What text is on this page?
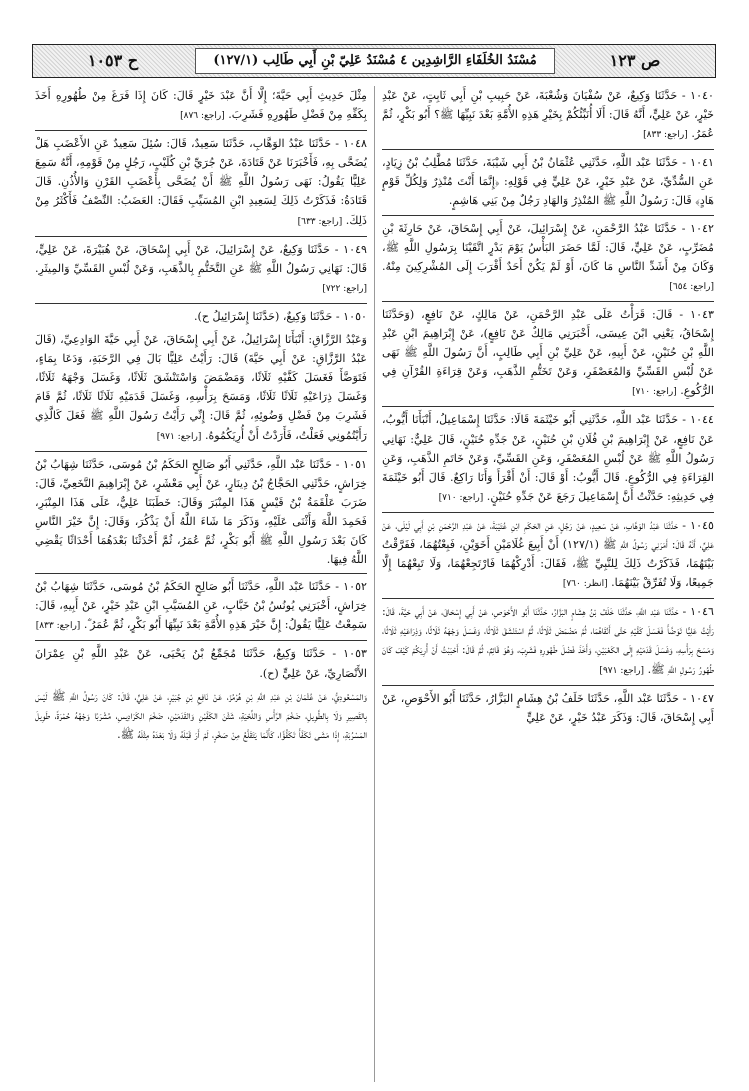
ص ١٢٣
مُسْنَدُ الخُلَفَاءِ الرَّاشِدِين ٤ مُسْنَدُ عَلِيّ بْنِ أَبِي طَالِب (١٢٧/١)
ح ١٠٥٣
١٠٤٠ - حَدَّثَنَا وَكِيعٌ، عَنْ سُفْيَانَ وَشُعْبَةَ، عَنْ حَبِيبِ بْنِ أَبِي ثَابِتٍ، عَنْ عَبْدِ خَيْرٍ، عَنْ عَلِيٍّ، أَنَّهُ قَالَ: أَلَا أُنَبِّئُكُمْ بِخَيْرِ هَذِهِ الأُمَّةِ بَعْدَ نَبِيِّهَا ﷺ؟ أَبُو بَكْرٍ، ثُمَّ عُمَرُ. [راجع: ٨٣٣]
١٠٤١ - حَدَّثَنَا عَبْد اللَّهِ، حَدَّثَنِي عُثْمَانُ بْنُ أَبِي شَيْبَةَ، حَدَّثَنَا مُطَّلِبُ بْنُ زِيَادٍ، عَنِ السُّدِّيِّ، عَنْ عَبْدِ خَيْرٍ، عَنْ عَلِيٍّ فِي قَوْلِهِ: ﴿إِنَّمَا أَنْتَ مُنْذِرٌ وَلِكُلِّ قَوْمٍ هَادٍ﴾ قَالَ: رَسُولُ اللَّهِ ﷺ المُنْذِرُ وَالهَادِ رَجُلٌ مِنْ بَنِي هَاشِمٍ.
١٠٤٢ - حَدَّثَنَا عَبْدُ الرَّحْمَنِ، عَنْ إِسْرَائِيلَ، عَنْ أَبِي إِسْحَاقَ، عَنْ حَارِثَةَ بْنِ مُضَرِّبٍ، عَنْ عَلِيٍّ، قَالَ: لَمَّا حَضَرَ البَأْسُ يَوْمَ بَدْرٍ اتَّقَيْنَا بِرَسُولِ اللَّهِ ﷺ، وَكَانَ مِنْ أَشَدِّ النَّاسِ مَا كَانَ، أَوْ لَمْ يَكُنْ أَحَدٌ أَقْرَبَ إِلَى المُشْرِكِينَ مِنْهُ. [راجع: ٦٥٤]
١٠٤٣ - قَالَ: قَرَأْتُ عَلَى عَبْدِ الرَّحْمَنِ، عَنْ مَالِكٍ، عَنْ نَافِعٍ، (وَحَدَّثَنَا إِسْحَاقُ، يَعْنِي ابْنَ عِيسَى، أَخْبَرَنِي مَالِكٌ عَنْ نَافِعٍ)، عَنْ إِبْرَاهِيمَ ابْنِ عَبْدِ اللَّهِ بْنِ حُنَيْنٍ، عَنْ أَبِيهِ، عَنْ عَلِيِّ بْنِ أَبِي طَالِبٍ، أَنَّ رَسُولَ اللَّهِ ﷺ نَهَى عَنْ لُبْسِ القَسِّيِّ وَالمُعَصْفَرِ، وَعَنْ تَخَتُّمِ الذَّهَبِ، وَعَنْ قِرَاءَةِ القُرْآنِ فِي الرُّكُوعِ. [راجع: ٧١٠]
١٠٤٤ - حَدَّثَنَا عَبْد اللَّهِ، حَدَّثَنِي أَبُو خَيْثَمَةَ قَالَا: حَدَّثَنَا إِسْمَاعِيلُ، أَنْبَأَنَا أَيُّوبُ، عَنْ نَافِعٍ، عَنْ إِبْرَاهِيمَ بْنِ فُلَانِ بْنِ حُنَيْنٍ، عَنْ جَدِّهِ حُنَيْنٍ، قَالَ عَلِيٌّ: نَهَانِي رَسُولُ اللَّهِ ﷺ عَنْ لُبْسِ المُعَصْفَرِ، وَعَنِ القَسِّيِّ، وَعَنْ خَاتَمِ الذَّهَبِ، وَعَنِ القِرَاءَةِ فِي الرُّكُوعِ. قَالَ أَيُّوبُ: أَوْ قَالَ: أَنْ أَقْرَأَ وَأَنَا رَاكِعٌ. قَالَ أَبُو خَيْثَمَةَ فِي حَدِيثِهِ: حَدَّثْتُ أَنَّ إِسْمَاعِيلَ رَجَعَ عَنْ جَدِّهِ حُنَيْنٍ. [راجع: ٧١٠]
١٠٤٥ - حَدَّثَنَا عَبْدُ الوَهَّابِ، عَنْ سَعِيدٍ، عَنْ رَجُلٍ، عَنِ الحَكَمِ ابْنِ عُتَيْبَةَ، عَنْ عَبْدِ الرَّحْمَنِ بْنِ أَبِي لَيْلَى، عَنْ عَلِيٍّ، أَنَّهُ قَالَ: أَمَرَنِي رَسُولُ اللَّهِ ﷺ (١٢٧/١) أَنْ أَبِيعَ غُلَامَيْنِ أَخَوَيْنِ، فَبِعْتُهُمَا، فَفَرَّقْتُ بَيْنَهُمَا، فَذَكَرْتُ ذَلِكَ لِلنَّبِيِّ ﷺ، فَقَالَ: أَدْرِكْهُمَا فَارْتَجِعْهُمَا، وَلَا تَبِعْهُمَا إِلَّا جَمِيعًا، وَلَا تُفَرِّقْ بَيْنَهُمَا. [انظر: ٧٦٠]
١٠٤٦ - حَدَّثَنَا عَبْد اللَّهِ، حَدَّثَنَا خَلَفُ بْنُ هِشَامٍ البَزَّارُ، حَدَّثَنَا أَبُو الأَحْوَصِ، عَنْ أَبِي إِسْحَاقَ، عَنْ أَبِي حَيَّةَ، قَالَ: رَأَيْتُ عَلِيًّا تَوَضَّأَ فَغَسَلَ كَفَّيْهِ حَتَّى أَنْقَاهُمَا، ثُمَّ مَضْمَضَ ثَلَاثًا، ثُمَّ اسْتَنْشَقَ ثَلَاثًا، وَغَسَلَ وَجْهَهُ ثَلَاثًا، وَذِرَاعَيْهِ ثَلَاثًا، وَمَسَحَ بِرَأْسِهِ، وَغَسَلَ قَدَمَيْهِ إِلَى الكَعْبَيْنِ، وَأَخَذَ فَضْلَ طَهُورِهِ فَشَرِبَ، وَهُوَ قَائِمٌ، ثُمَّ قَالَ: أَحْبَبْتُ أَنْ أُرِيَكُمْ كَيْفَ كَانَ طُهُورُ رَسُولِ اللَّهِ ﷺ. [راجع: ٩٧١]
١٠٤٧ - حَدَّثَنَا عَبْد اللَّهِ، حَدَّثَنَا خَلَفُ بْنُ هِشَامٍ البَزَّارُ، حَدَّثَنَا أَبُو الأَحْوَصِ، عَنْ أَبِي إِسْحَاقَ، قَالَ: وَذَكَرَ عَبْدُ خَيْرٍ، عَنْ عَلِيٍّ
مِثْلَ حَدِيثِ أَبِي حَيَّةَ؛ إِلَّا أَنَّ عَبْدَ خَيْرٍ قَالَ: كَانَ إِذَا فَرَغَ مِنْ طُهُورِهِ أَخَذَ بِكَفِّهِ مِنْ فَضْلِ طَهُورِهِ فَشَرِبَ. [راجع: ٨٧٦]
١٠٤٨ - حَدَّثَنَا عَبْدُ الوَهَّابِ، حَدَّثَنَا سَعِيدٌ، قَالَ: سُئِلَ سَعِيدٌ عَنِ الأَعْضَبِ هَلْ يُضَحَّى بِهِ، فَأَخْبَرَنَا عَنْ قَتَادَةَ، عَنْ جُرَيِّ بْنِ كُلَيْبٍ، رَجُلٍ مِنْ قَوْمِهِ، أَنَّهُ سَمِعَ عَلِيًّا يَقُولُ: نَهَى رَسُولُ اللَّهِ ﷺ أَنْ يُضَحَّى بِأَعْضَبِ القَرْنِ وَالأُذُنِ. قَالَ قَتَادَةُ: فَذَكَرْتُ ذَلِكَ لِسَعِيدِ ابْنِ المُسَيِّبِ فَقَالَ: العَضَبُ: النِّصْفُ فَأَكْثَرُ مِنْ ذَلِكَ. [راجع: ٦٣٣]
١٠٤٩ - حَدَّثَنَا وَكِيعٌ، عَنْ إِسْرَائِيلَ، عَنْ أَبِي إِسْحَاقَ، عَنْ هُبَيْرَةَ، عَنْ عَلِيٍّ، قَالَ: نَهَانِي رَسُولُ اللَّهِ ﷺ عَنِ التَّخَتُّمِ بِالذَّهَبِ، وَعَنْ لُبْسِ القَسِّيِّ وَالمِيثَرِ. [راجع: ٧٢٢]
١٠٥٠ - حَدَّثَنَا وَكِيعٌ، (حَدَّثَنَا إِسْرَائِيلُ ح).
وَعَبْدُ الرَّزَّاقِ: أَنْبَأَنَا إِسْرَائِيلُ، عَنْ أَبِي إِسْحَاقَ، عَنْ أَبِي حَيَّةَ الوَادِعِيِّ، (قَالَ عَبْدُ الرَّزَّاقِ: عَنْ أَبِي حَيَّةَ) قَالَ: رَأَيْتُ عَلِيًّا بَالَ فِي الرَّحَبَةِ، وَدَعَا بِمَاءٍ، فَتَوَضَّأَ فَغَسَلَ كَفَّيْهِ ثَلَاثًا، وَمَضْمَضَ وَاسْتَنْشَقَ ثَلَاثًا، وَغَسَلَ وَجْهَهُ ثَلَاثًا، وَغَسَلَ ذِرَاعَيْهِ ثَلَاثًا ثَلَاثًا، وَمَسَحَ بِرَأْسِهِ، وَغَسَلَ قَدَمَيْهِ ثَلَاثًا ثَلَاثًا، ثُمَّ قَامَ فَشَرِبَ مِنْ فَضْلِ وَضُوئِهِ، ثُمَّ قَالَ: إِنِّي رَأَيْتُ رَسُولَ اللَّهِ ﷺ فَعَلَ كَالَّذِي رَأَيْتُمُونِي فَعَلْتُ، فَأَرَدْتُ أَنْ أُرِيَكُمُوهُ. [راجع: ٩٧١]
١٠٥١ - حَدَّثَنَا عَبْد اللَّهِ، حَدَّثَنِي أَبُو صَالِحٍ الحَكَمُ بْنُ مُوسَى، حَدَّثَنَا شِهَابُ بْنُ خِرَاشٍ، حَدَّثَنِي الحَجَّاجُ بْنُ دِينَارٍ، عَنْ أَبِي مَعْشَرٍ، عَنْ إِبْرَاهِيمَ النَّخَعِيِّ، قَالَ: ضَرَبَ عَلْقَمَةُ بْنُ قَيْسٍ هَذَا المِنْبَرَ وَقَالَ: خَطَبَنَا عَلِيٌّ، عَلَى هَذَا المِنْبَرِ، فَحَمِدَ اللَّهَ وَأَثْنَى عَلَيْهِ، وَذَكَرَ مَا شَاءَ اللَّهُ أَنْ يَذْكُرَ، وَقَالَ: إِنَّ خَيْرَ النَّاسِ كَانَ بَعْدَ رَسُولِ اللَّهِ ﷺ أَبُو بَكْرٍ، ثُمَّ عُمَرُ، ثُمَّ أَحْدَثْنَا بَعْدَهُمَا أَحْدَاثًا يَقْضِي اللَّهُ فِيهَا.
١٠٥٢ - حَدَّثَنَا عَبْد اللَّهِ، حَدَّثَنَا أَبُو صَالِحٍ الحَكَمُ بْنُ مُوسَى، حَدَّثَنَا شِهَابُ بْنُ خِرَاشٍ، أَخْبَرَنِي يُونُسُ بْنُ خَبَّابٍ، عَنِ المُسَيَّبِ ابْنِ عَبْدِ خَيْرٍ، عَنْ أَبِيهِ، قَالَ: سَمِعْتُ عَلِيًّا يَقُولُ: إِنَّ خَيْرَ هَذِهِ الأُمَّةِ بَعْدَ نَبِيِّهَا أَبُو بَكْرٍ، ثُمَّ عُمَرُ ؓ. [راجع: ٨٣٣]
١٠٥٣ - حَدَّثَنَا وَكِيعٌ، حَدَّثَنَا مُجَمِّعُ بْنُ يَحْيَى، عَنْ عَبْدِ اللَّهِ بْنِ عِمْرَانَ الأَنْصَارِيِّ، عَنْ عَلِيٍّ (ح).
وَالمَسْعُودِيُّ، عَنْ عُثْمَانَ بْنِ عَبْدِ اللَّهِ بْنِ هُرْمُزَ، عَنْ نَافِعِ بْنِ جُبَيْرٍ، عَنْ عَلِيٍّ، قَالَ: كَانَ رَسُولُ اللَّهِ ﷺ لَيْسَ بِالقَصِيرِ وَلَا بِالطَّوِيلِ، ضَخْمَ الرَّأْسِ وَاللِّحْيَةِ، شَثْنَ الكَفَّيْنِ وَالقَدَمَيْنِ، ضَخْمَ الكَرَادِيسِ، مُشْرَبًا وَجْهُهُ حُمْرَةً، طَوِيلَ المَسْرُبَةِ، إِذَا مَشَى تَكَفَّأَ تَكَفُّؤًا، كَأَنَّمَا يَتَقَلَّعُ مِنْ صَخْرٍ، لَمْ أَرَ قَبْلَهُ وَلَا بَعْدَهُ مِثْلَهُ ﷺ.
